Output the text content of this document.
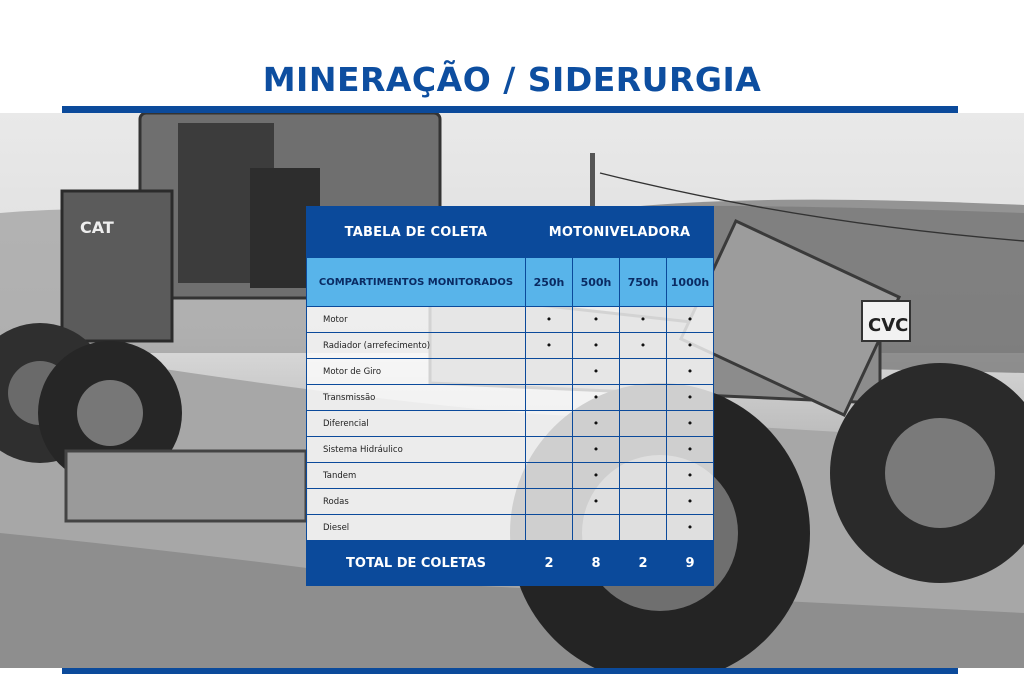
MINERAÇÃO / SIDERURGIA
CAT
CVC
TABELA DE COLETA	MOTONIVELADORA			
COMPARTIMENTOS MONITORADOS	250h	500h	750h	1000h
Motor	•	•	•	•
Radiador (arrefecimento)	•	•	•	•
Motor de Giro		•		•
Transmissão		•		•
Diferencial		•		•
Sistema Hidráulico		•		•
Tandem		•		•
Rodas		•		•
Diesel				•
TOTAL DE COLETAS	2	8	2	9
